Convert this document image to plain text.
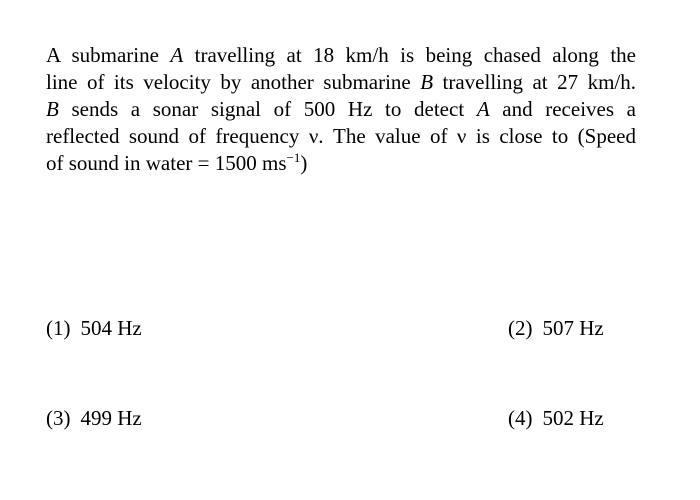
A submarine A travelling at 18 km/h is being chased along the
line of its velocity by another submarine B travelling at 27 km/h.
B sends a sonar signal of 500 Hz to detect A and receives a
reflected sound of frequency ν. The value of ν is close to (Speed
of sound in water = 1500 $ms^{-1}$)
(1) 504 Hz	(2) 507 Hz
(3) 499 Hz	(4) 502 Hz
